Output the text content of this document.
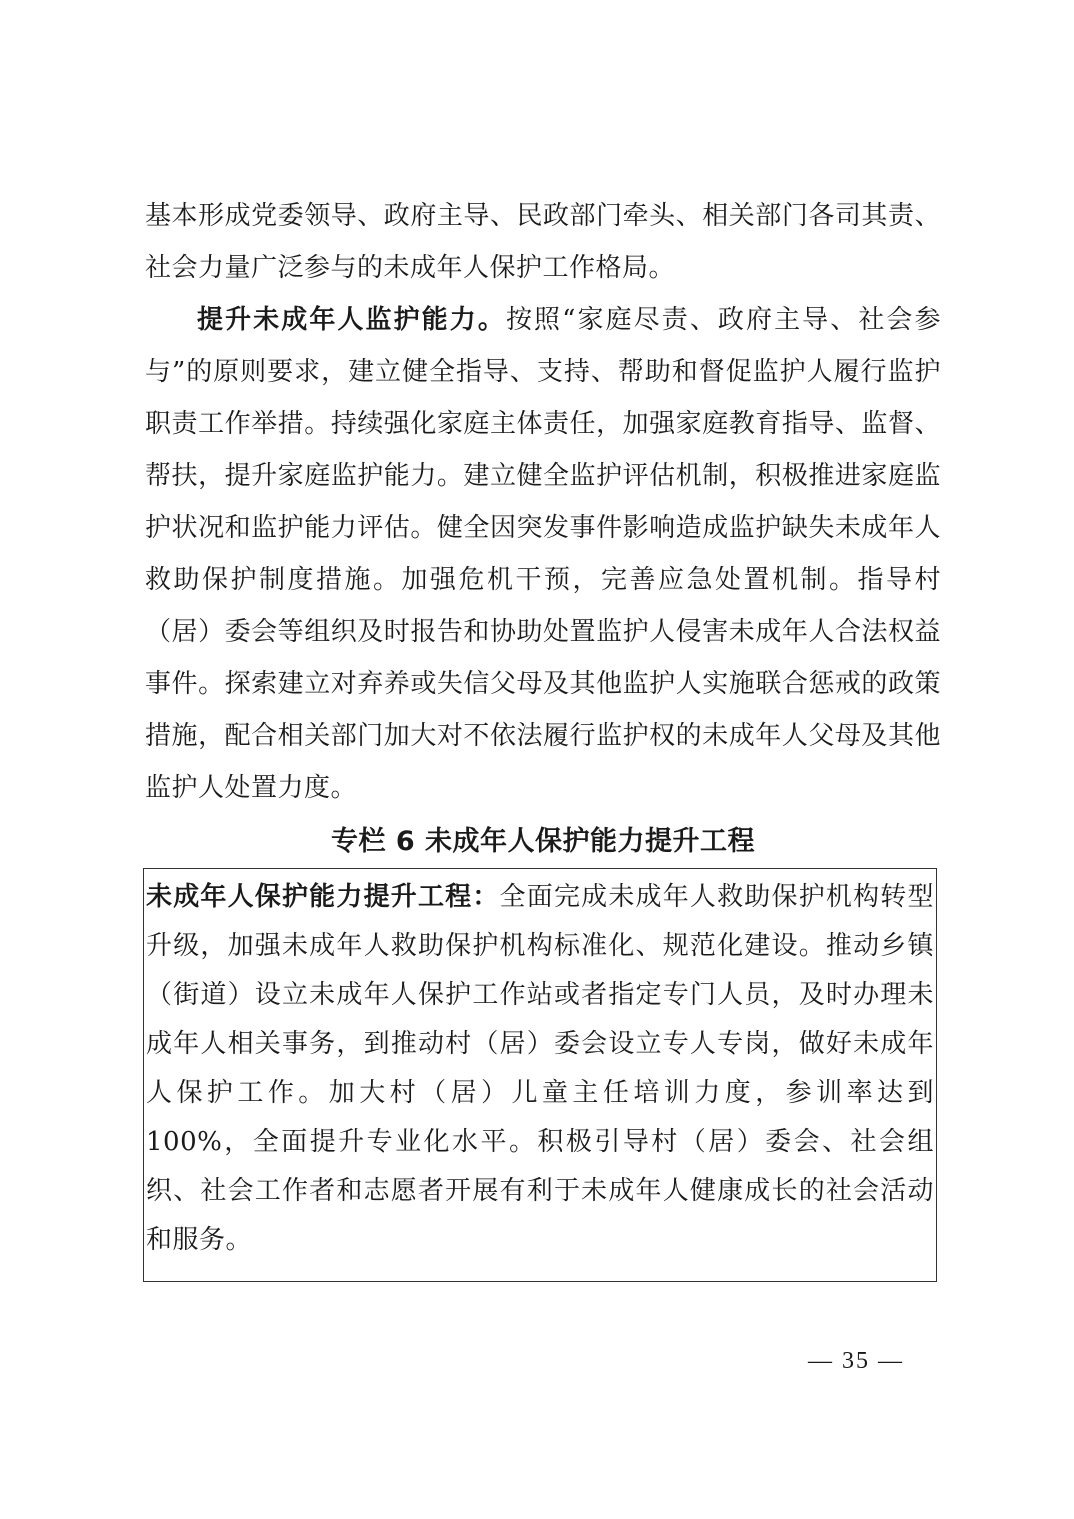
基本形成党委领导、政府主导、民政部门牵头、相关部门各司其责、社会力量广泛参与的未成年人保护工作格局。
提升未成年人监护能力。按照“家庭尽责、政府主导、社会参与”的原则要求，建立健全指导、支持、帮助和督促监护人履行监护职责工作举措。持续强化家庭主体责任，加强家庭教育指导、监督、帮扶，提升家庭监护能力。建立健全监护评估机制，积极推进家庭监护状况和监护能力评估。健全因突发事件影响造成监护缺失未成年人救助保护制度措施。加强危机干预，完善应急处置机制。指导村（居）委会等组织及时报告和协助处置监护人侵害未成年人合法权益事件。探索建立对弃养或失信父母及其他监护人实施联合惩戒的政策措施，配合相关部门加大对不依法履行监护权的未成年人父母及其他监护人处置力度。
专栏 6 未成年人保护能力提升工程
未成年人保护能力提升工程：全面完成未成年人救助保护机构转型升级，加强未成年人救助保护机构标准化、规范化建设。推动乡镇（街道）设立未成年人保护工作站或者指定专门人员，及时办理未成年人相关事务，到推动村（居）委会设立专人专岗，做好未成年人保护工作。加大村（居）儿童主任培训力度，参训率达到 100%，全面提升专业化水平。积极引导村（居）委会、社会组织、社会工作者和志愿者开展有利于未成年人健康成长的社会活动和服务。
— 35 —
